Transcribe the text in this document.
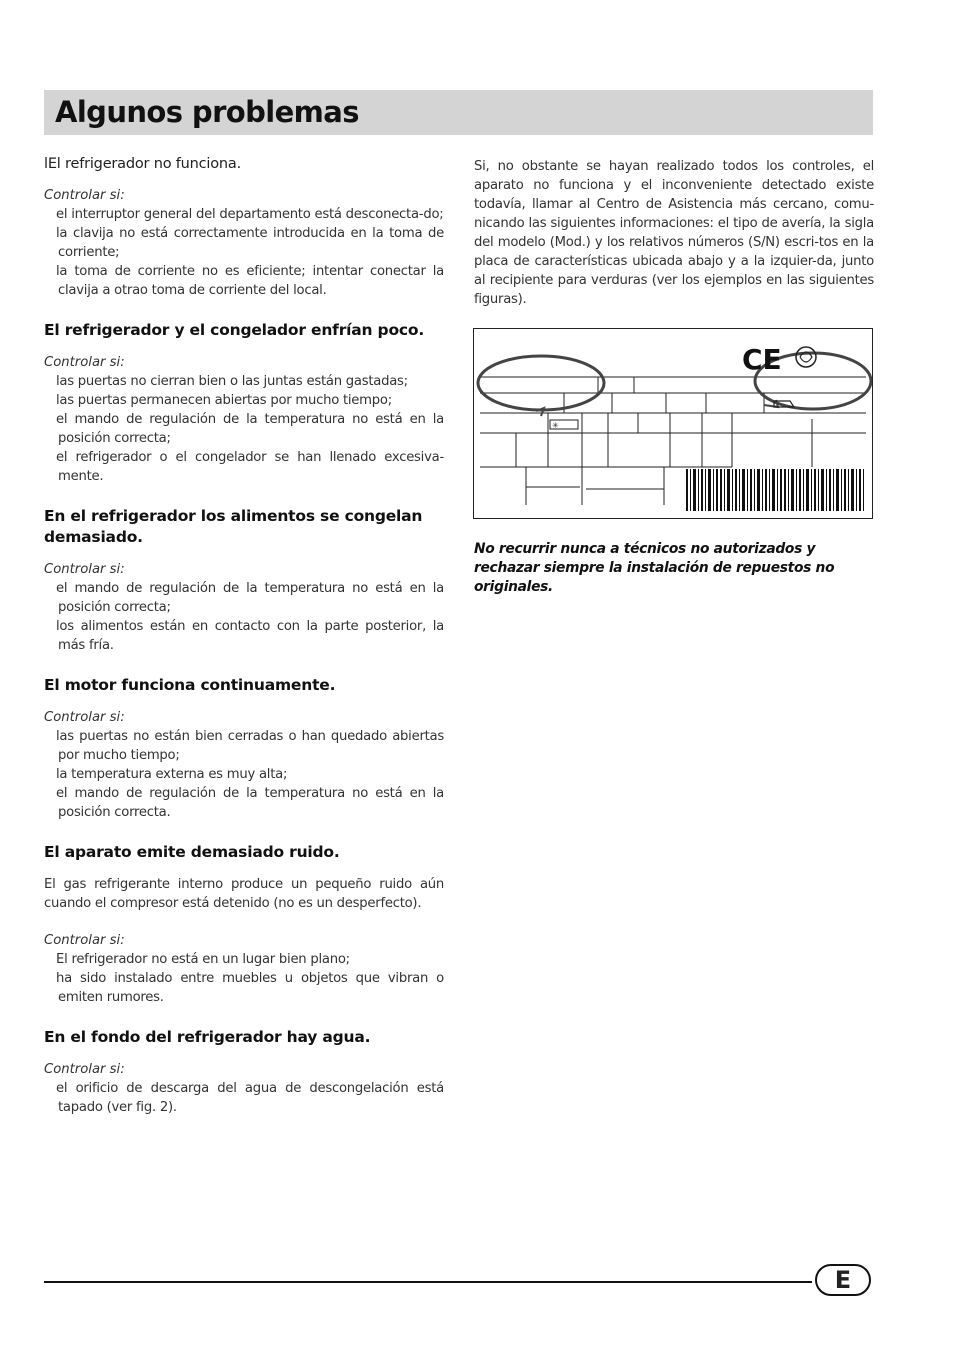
Algunos problemas

lEl refrigerador no funciona.

Controlar si:

el interruptor general del departamento está desconecta-do;
la clavija no está correctamente introducida en la toma de corriente;
la toma de corriente no es eficiente; intentar conectar la clavija a otrao toma de corriente del local.
El refrigerador y el congelador enfrían poco.

Controlar si:

las puertas no cierran bien o las juntas están gastadas;
las puertas permanecen abiertas por mucho tiempo;
el mando de regulación de la temperatura no está en la posición correcta;
el refrigerador o el congelador se han llenado excesiva-mente.
En el refrigerador los alimentos se congelan demasiado.

Controlar si:

el mando de regulación de la temperatura no está en la posición correcta;
los alimentos están en contacto con la parte posterior, la más fría.
El motor funciona continuamente.

Controlar si:

las puertas no están bien cerradas o han quedado abiertas por mucho tiempo;
la temperatura externa es muy alta;
el mando de regulación de la temperatura no está en la posición correcta.
El aparato emite demasiado ruido.

El gas refrigerante interno produce un pequeño ruido aún cuando el compresor está detenido (no es un desperfecto).

Controlar si:

El refrigerador no está en un lugar bien plano;
ha sido instalado entre muebles u objetos que vibran o emiten rumores.
En el fondo del refrigerador hay agua.

Controlar si:

el orificio de descarga del agua de descongelación está tapado (ver fig. 2).

Si, no obstante se hayan realizado todos los controles, el aparato no funciona y el inconveniente detectado existe todavía, llamar al Centro de Asistencia más cercano, comu-nicando las siguientes informaciones: el tipo de avería, la sigla del modelo (Mod.) y los relativos números (S/N) escri-tos en la placa de características ubicada abajo y a la izquier-da, junto al recipiente para verduras (ver los ejemplos en las siguientes figuras).

✳
CE

No recurrir nunca a técnicos no autorizados y rechazar siempre la instalación de repuestos no originales.

E
